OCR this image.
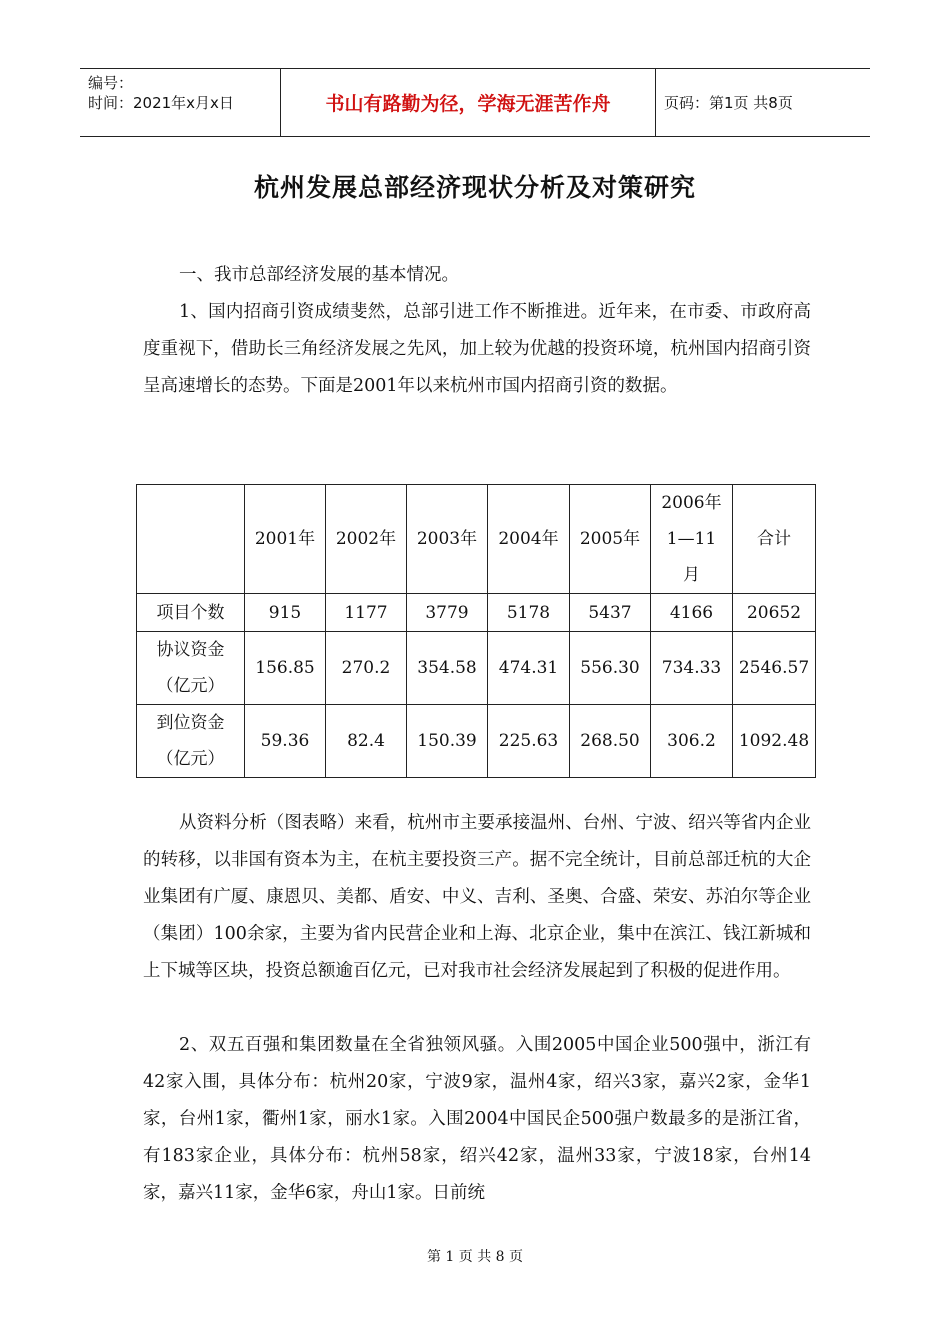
编号：
时间：2021年x月x日	书山有路勤为径，学海无涯苦作舟	页码：第1页 共8页
杭州发展总部经济现状分析及对策研究

一、我市总部经济发展的基本情况。

1、国内招商引资成绩斐然，总部引进工作不断推进。近年来，在市委、市政府高度重视下，借助长三角经济发展之先风，加上较为优越的投资环境，杭州国内招商引资呈高速增长的态势。下面是2001年以来杭州市国内招商引资的数据。

	2001年	2002年	2003年	2004年	2005年	2006年
1—11
月	合计
项目个数	915	1177	3779	5178	5437	4166	20652

协议资金
（亿元）	156.85	270.2	354.58	474.31	556.30	734.33	2546.57

到位资金
（亿元）	59.36	82.4	150.39	225.63	268.50	306.2	1092.48

从资料分析（图表略）来看，杭州市主要承接温州、台州、宁波、绍兴等省内企业的转移，以非国有资本为主，在杭主要投资三产。据不完全统计，目前总部迁杭的大企业集团有广厦、康恩贝、美都、盾安、中义、吉利、圣奥、合盛、荣安、苏泊尔等企业（集团）100余家，主要为省内民营企业和上海、北京企业，集中在滨江、钱江新城和上下城等区块，投资总额逾百亿元，已对我市社会经济发展起到了积极的促进作用。

2、双五百强和集团数量在全省独领风骚。入围2005中国企业500强中，浙江有42家入围，具体分布：杭州20家，宁波9家，温州4家，绍兴3家，嘉兴2家，金华1家，台州1家，衢州1家，丽水1家。入围2004中国民企500强户数最多的是浙江省，有183家企业，具体分布：杭州58家，绍兴42家，温州33家，宁波18家，台州14家，嘉兴11家，金华6家，舟山1家。日前统

第 1 页 共 8 页
